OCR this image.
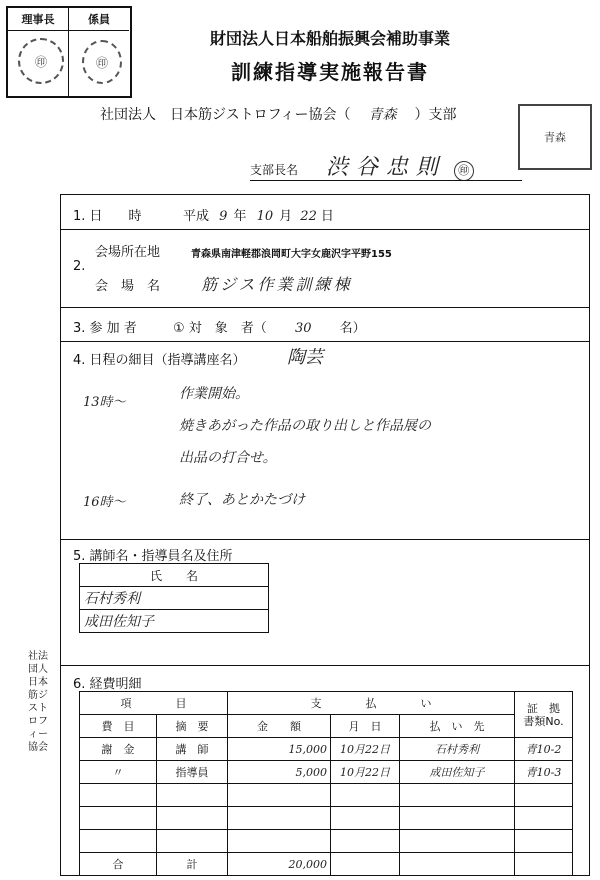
理事長	係員
㊞	㊞
財団法人日本船舶振興会補助事業
訓練指導実施報告書
社団法人　日本筋ジストロフィー協会（ 青森 ）支部
青森
支部長名 渋谷忠則 ㊞
1. 日　　時	平成 9 年 10 月 22 日
2.
会場所在地	青森県南津軽郡浪岡町大字女鹿沢字平野155
会　場　名	筋ジス作業訓練棟
3. 参 加 者	① 対　象　者（ 30 名）
4. 日程の細目（指導講座名） 陶芸
13時〜
作業開始。
焼きあがった作品の取り出しと作品展の
出品の打合せ。
16時〜	終了、あとかたづけ
5. 講師名・指導員名及住所
氏　　名
石村秀利
成田佐知子
6. 経費明細
項　　　　 目		支　　　　 払　　　　 い			証　拠
書類No.
費　目	摘　要	金　　額	月　日	払　い　先	
謝　金	講　師	15,000	10月22日	石村秀利	青10-2
〃	指導員	5,000	10月22日	成田佐知子	青10-3

合	計	20,000			
社法団人日本筋ジストロフィー協会
